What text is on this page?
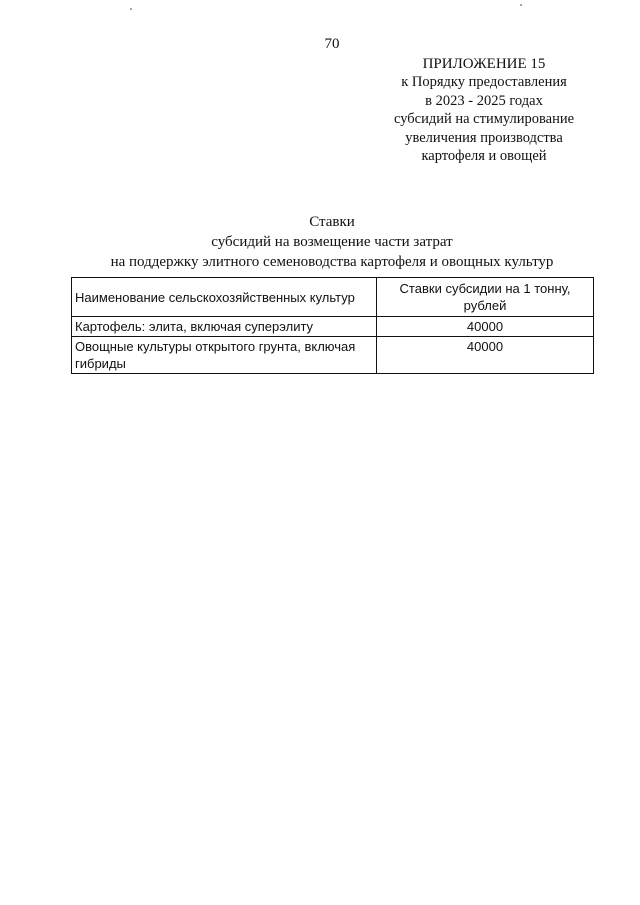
70
ПРИЛОЖЕНИЕ 15
к Порядку предоставления
в 2023 - 2025 годах
субсидий на стимулирование
увеличения производства
картофеля и овощей
Ставки
субсидий на возмещение части затрат
на поддержку элитного семеноводства картофеля и овощных культур
Наименование сельскохозяйственных культур	Ставки субсидии на 1 тонну, рублей
Картофель: элита, включая суперэлиту	40000
Овощные культуры открытого грунта, включая гибриды	40000
